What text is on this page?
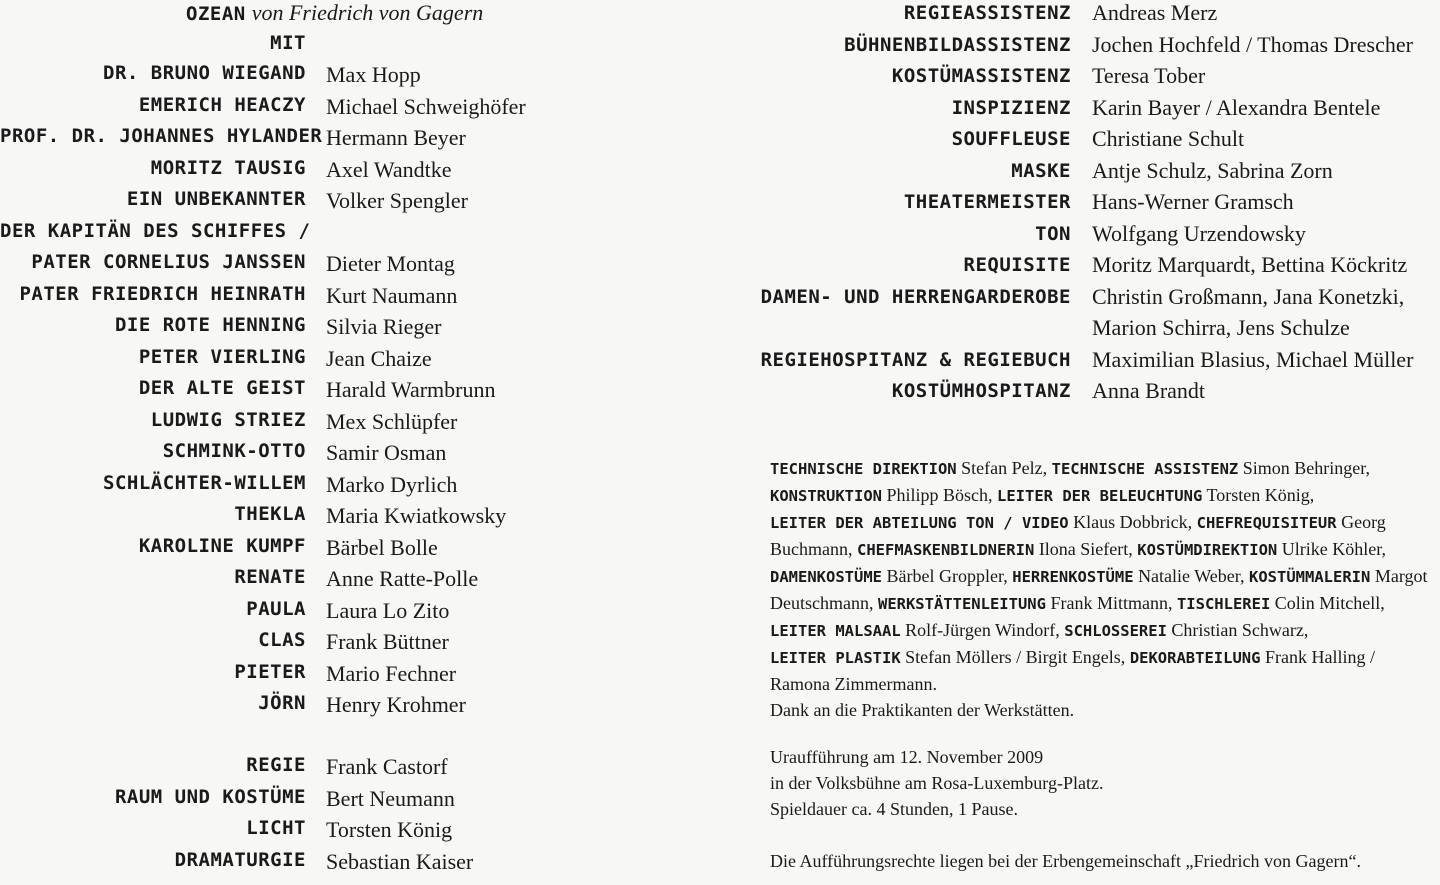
OZEAN von Friedrich von Gagern
MIT
DR. BRUNO WIEGAND Max Hopp
EMERICH HEACZY Michael Schweighöfer
PROF. DR. JOHANNES HYLANDER Hermann Beyer
MORITZ TAUSIG Axel Wandtke
EIN UNBEKANNTER Volker Spengler
DER KAPITÄN DES SCHIFFES /
PATER CORNELIUS JANSSEN Dieter Montag
PATER FRIEDRICH HEINRATH Kurt Naumann
DIE ROTE HENNING Silvia Rieger
PETER VIERLING Jean Chaize
DER ALTE GEIST Harald Warmbrunn
LUDWIG STRIEZ Mex Schlüpfer
SCHMINK-OTTO Samir Osman
SCHLÄCHTER-WILLEM Marko Dyrlich
THEKLA Maria Kwiatkowsky
KAROLINE KUMPF Bärbel Bolle
RENATE Anne Ratte-Polle
PAULA Laura Lo Zito
CLAS Frank Büttner
PIETER Mario Fechner
JÖRN Henry Krohmer
REGIE Frank Castorf
RAUM UND KOSTÜME Bert Neumann
LICHT Torsten König
DRAMATURGIE Sebastian Kaiser
REGIEASSISTENZ Andreas Merz
BÜHNENBILDASSISTENZ Jochen Hochfeld / Thomas Drescher
KOSTÜMASSISTENZ Teresa Tober
INSPIZIENZ Karin Bayer / Alexandra Bentele
SOUFFLEUSE Christiane Schult
MASKE Antje Schulz, Sabrina Zorn
THEATERMEISTER Hans-Werner Gramsch
TON Wolfgang Urzendowsky
REQUISITE Moritz Marquardt, Bettina Köckritz
DAMEN- UND HERRENGARDEROBE Christin Großmann, Jana Konetzki,
Marion Schirra, Jens Schulze
REGIEHOSPITANZ & REGIEBUCH Maximilian Blasius, Michael Müller
KOSTÜMHOSPITANZ Anna Brandt
TECHNISCHE DIREKTION Stefan Pelz, TECHNISCHE ASSISTENZ Simon Behringer, KONSTRUKTION Philipp Bösch, LEITER DER BELEUCHTUNG Torsten König, LEITER DER ABTEILUNG TON / VIDEO Klaus Dobbrick, CHEFREQUISITEUR Georg Buchmann, CHEFMASKENBILDNERIN Ilona Siefert, KOSTÜMDIREKTION Ulrike Köhler, DAMENKOSTÜME Bärbel Groppler, HERRENKOSTÜME Natalie Weber, KOSTÜMMALERIN Margot Deutschmann, WERKSTÄTTENLEITUNG Frank Mittmann, TISCHLEREI Colin Mitchell, LEITER MALSAAL Rolf-Jürgen Windorf, SCHLOSSEREI Christian Schwarz, LEITER PLASTIK Stefan Möllers / Birgit Engels, DEKORABTEILUNG Frank Halling / Ramona Zimmermann.
Dank an die Praktikanten der Werkstätten.
Uraufführung am 12. November 2009
in der Volksbühne am Rosa-Luxemburg-Platz.
Spieldauer ca. 4 Stunden, 1 Pause.
Die Aufführungsrechte liegen bei der Erbengemeinschaft „Friedrich von Gagern“.
